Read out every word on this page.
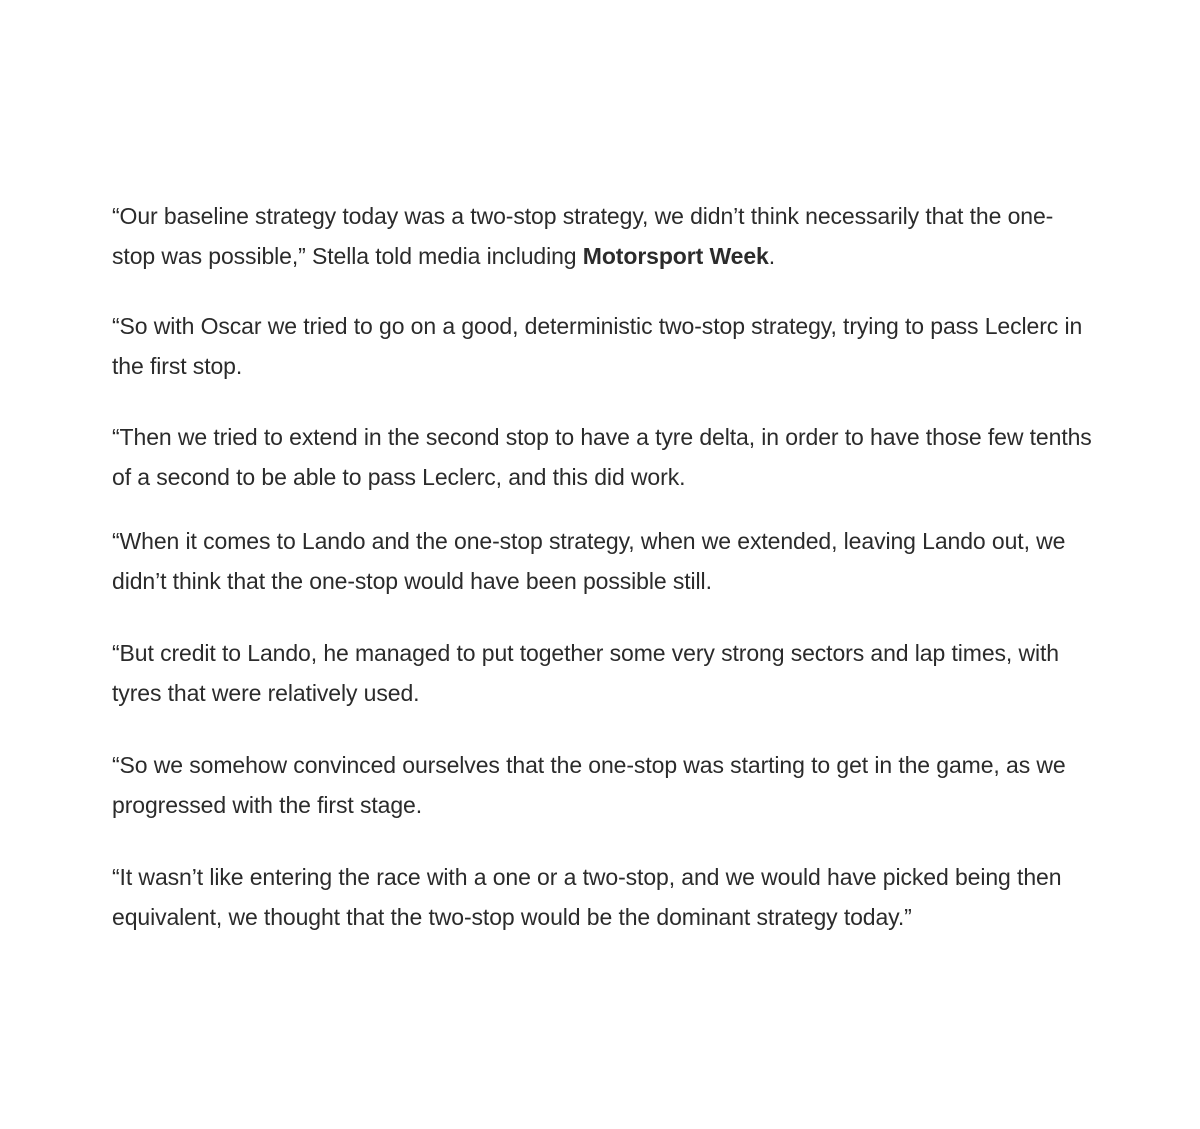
“Our baseline strategy today was a two-stop strategy, we didn’t think necessarily that the one-stop was possible,” Stella told media including Motorsport Week.

“So with Oscar we tried to go on a good, deterministic two-stop strategy, trying to pass Leclerc in the first stop.

“Then we tried to extend in the second stop to have a tyre delta, in order to have those few tenths of a second to be able to pass Leclerc, and this did work.

“When it comes to Lando and the one-stop strategy, when we extended, leaving Lando out, we didn’t think that the one-stop would have been possible still.

“But credit to Lando, he managed to put together some very strong sectors and lap times, with tyres that were relatively used.

“So we somehow convinced ourselves that the one-stop was starting to get in the game, as we progressed with the first stage.

“It wasn’t like entering the race with a one or a two-stop, and we would have picked being then equivalent, we thought that the two-stop would be the dominant strategy today.”
